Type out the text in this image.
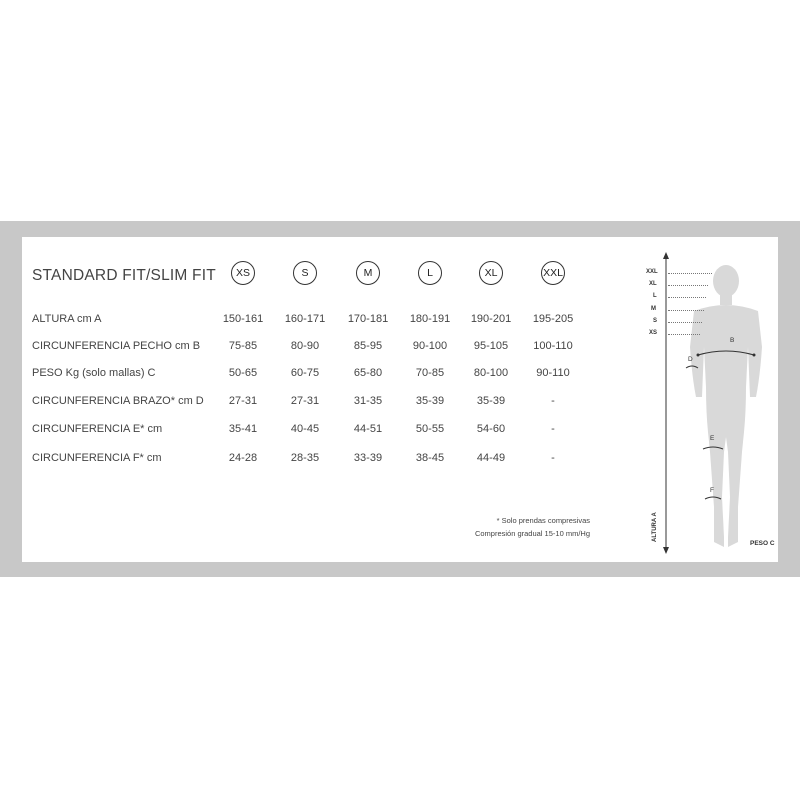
STANDARD FIT/SLIM FIT	XS	S	M	L	XL	XXL
ALTURA cm A	150-161 160-171 170-181 180-191 190-201 195-205
CIRCUNFERENCIA PECHO cm B	75-85	80-90	85-95	90-100 95-105 100-110
PESO Kg (solo mallas) C	50-65	60-75	65-80	70-85	80-100	90-110
CIRCUNFERENCIA BRAZO* cm D 27-31	27-31	31-35	35-39	35-39	-
CIRCUNFERENCIA E* cm	35-41	40-45	44-51	50-55	54-60	-
CIRCUNFERENCIA F* cm	24-28	28-35	33-39	38-45	44-49	-
* Solo prendas compresivas
Compresión gradual 15-10 mm/Hg
XXL
XL
L
M
S
XS
B
D
E
F
ALTURA A
PESO C
